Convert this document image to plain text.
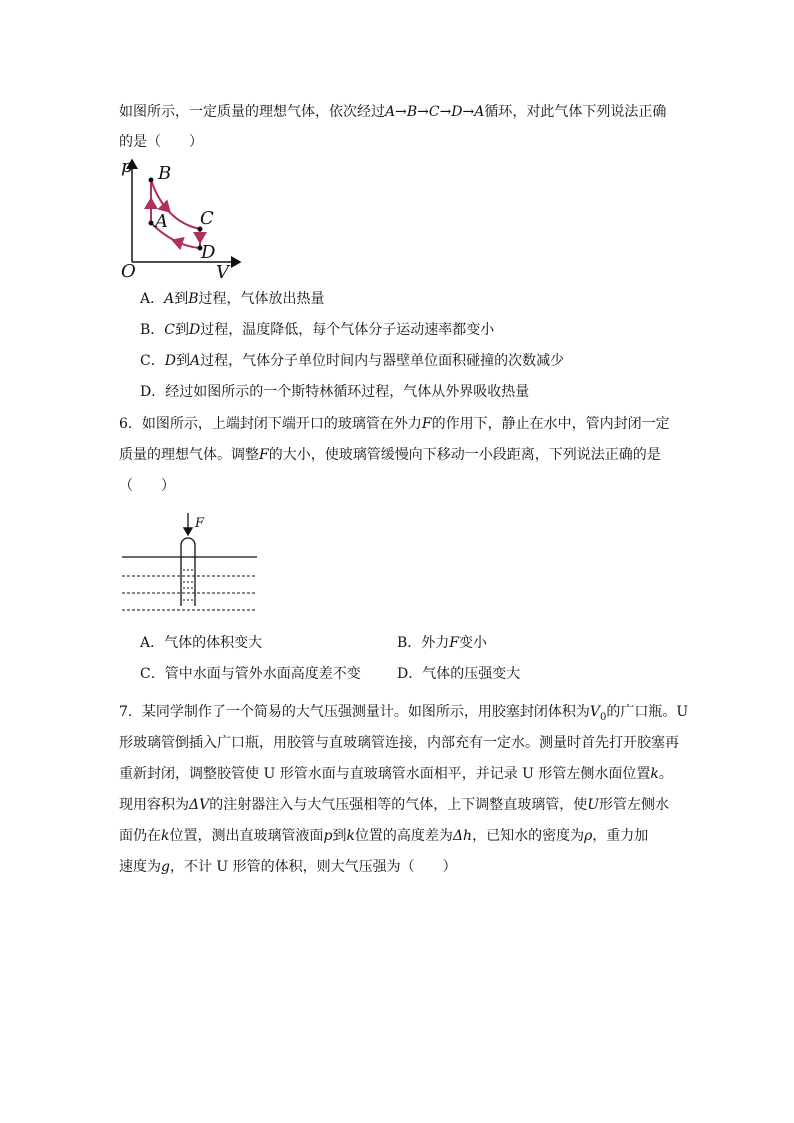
如图所示，一定质量的理想气体，依次经过A→B→C→D→A循环，对此气体下列说法正确
的是（　　）
p B
A C
D
O	V
A．A到B过程，气体放出热量
B．C到D过程，温度降低，每个气体分子运动速率都变小
C．D到A过程，气体分子单位时间内与器壁单位面积碰撞的次数减少
D．经过如图所示的一个斯特林循环过程，气体从外界吸收热量
6．如图所示，上端封闭下端开口的玻璃管在外力F的作用下，静止在水中，管内封闭一定
质量的理想气体。调整F的大小，使玻璃管缓慢向下移动一小段距离，下列说法正确的是
（　　）
F
A．气体的体积变大	B．外力F变小
C．管中水面与管外水面高度差不变	D．气体的压强变大
7．某同学制作了一个简易的大气压强测量计。如图所示，用胶塞封闭体积为$V_0$的广口瓶。U
形玻璃管倒插入广口瓶，用胶管与直玻璃管连接，内部充有一定水。测量时首先打开胶塞再
重新封闭，调整胶管使 U 形管水面与直玻璃管水面相平，并记录 U 形管左侧水面位置k。
现用容积为ΔV的注射器注入与大气压强相等的气体，上下调整直玻璃管，使U形管左侧水
面仍在k位置，测出直玻璃管液面p到k位置的高度差为Δh，已知水的密度为ρ，重力加
速度为g，不计 U 形管的体积，则大气压强为（　　）
